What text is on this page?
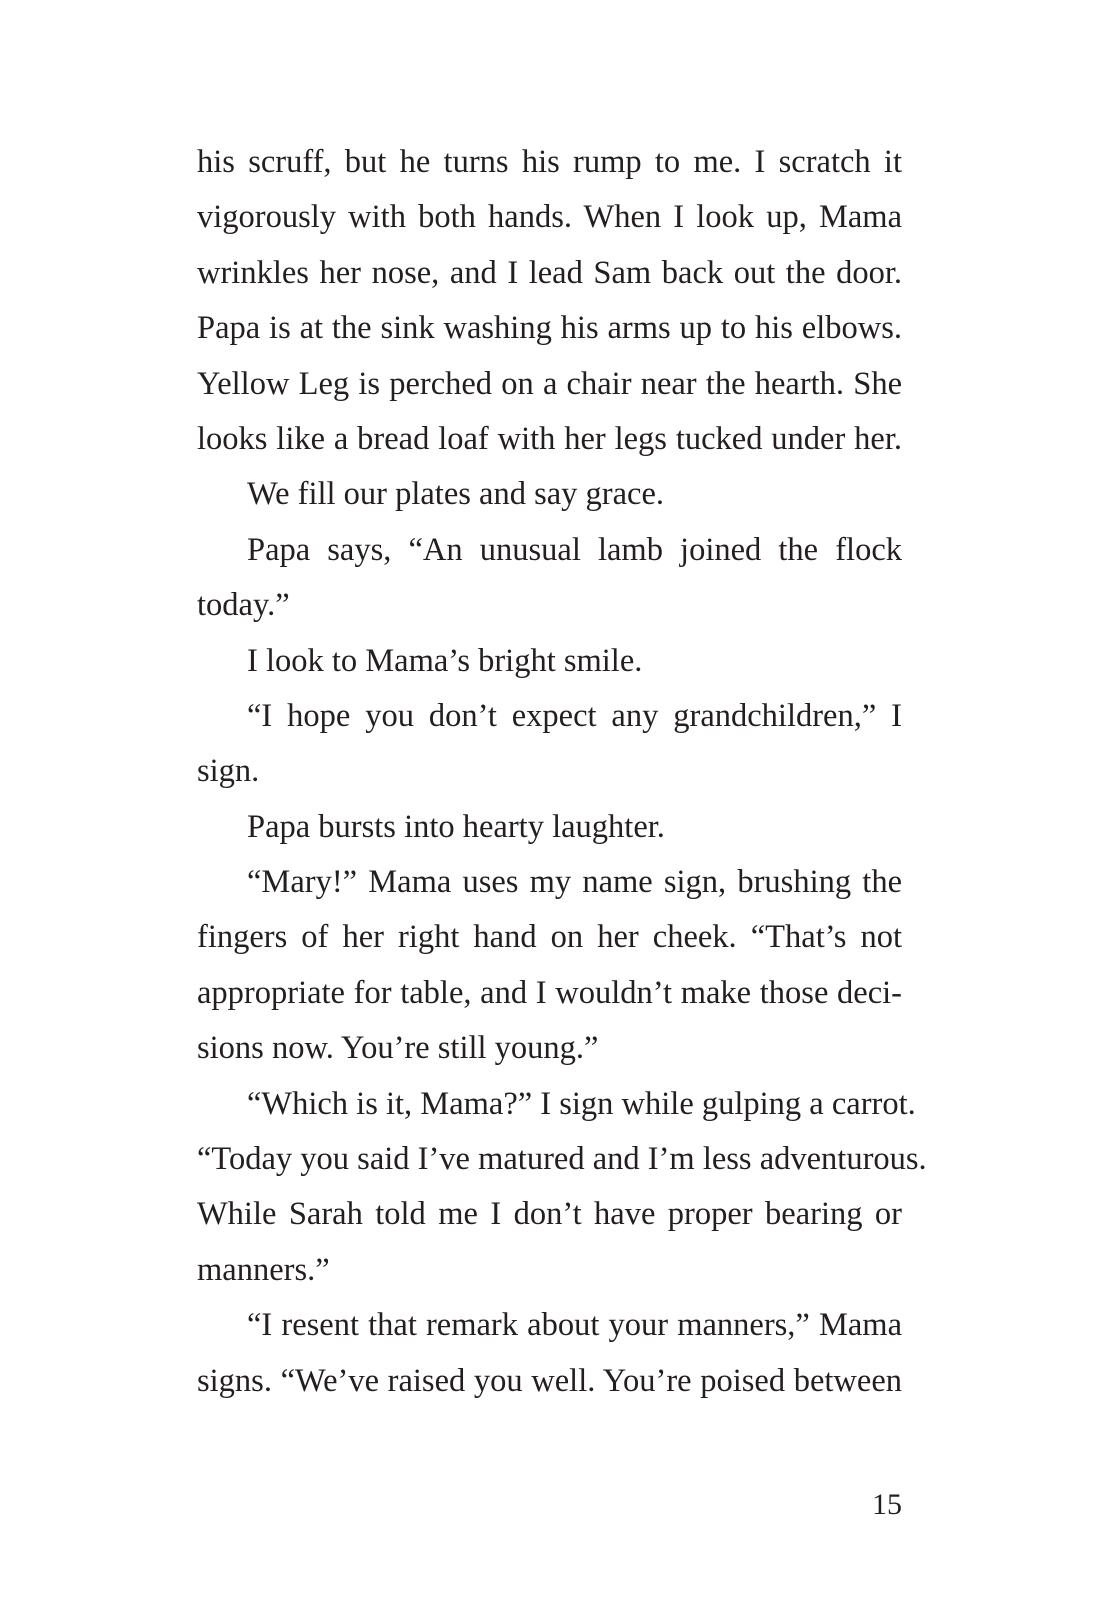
his scruff, but he turns his rump to me. I scratch it
vigorously with both hands. When I look up, Mama
wrinkles her nose, and I lead Sam back out the door.
Papa is at the sink washing his arms up to his elbows.
Yellow Leg is perched on a chair near the hearth. She
looks like a bread loaf with her legs tucked under her.
We fill our plates and say grace.
Papa says, “An unusual lamb joined the flock
today.”
I look to Mama’s bright smile.
“I hope you don’t expect any grandchildren,” I
sign.
Papa bursts into hearty laughter.
“Mary!” Mama uses my name sign, brushing the
fingers of her right hand on her cheek. “That’s not
appropriate for table, and I wouldn’t make those deci-
sions now. You’re still young.”
“Which is it, Mama?” I sign while gulping a carrot.
“Today you said I’ve matured and I’m less adventurous.
While Sarah told me I don’t have proper bearing or
manners.”
“I resent that remark about your manners,” Mama
signs. “We’ve raised you well. You’re poised between
15
